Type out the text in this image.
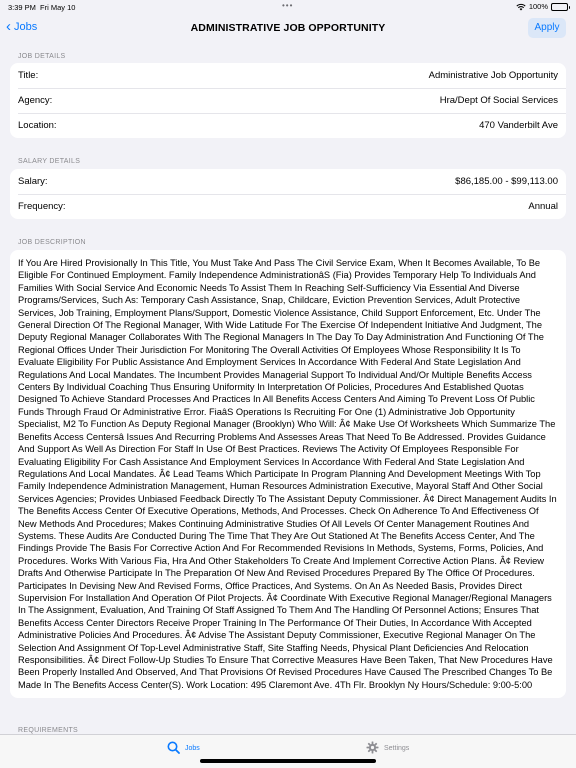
3:39 PM Fri May 10	•••	100%
‹ Jobs	ADMINISTRATIVE JOB OPPORTUNITY	Apply
JOB DETAILS
Title:	Administrative Job Opportunity
Agency:	Hra/Dept Of Social Services
Location:	470 Vanderbilt Ave
SALARY DETAILS
Salary:	$86,185.00 - $99,113.00
Frequency:	Annual
JOB DESCRIPTION
If You Are Hired Provisionally In This Title, You Must Take And Pass The Civil Service Exam, When It Becomes Available, To Be Eligible For Continued Employment. Family Independence AdministrationâS (Fia) Provides Temporary Help To Individuals And Families With Social Service And Economic Needs To Assist Them In Reaching Self-Sufficiency Via Essential And Diverse Programs/Services, Such As: Temporary Cash Assistance, Snap, Childcare, Eviction Prevention Services, Adult Protective Services, Job Training, Employment Plans/Support, Domestic Violence Assistance, Child Support Enforcement, Etc. Under The General Direction Of The Regional Manager, With Wide Latitude For The Exercise Of Independent Initiative And Judgment, The Deputy Regional Manager Collaborates With The Regional Managers In The Day To Day Administration And Functioning Of The Regional Offices Under Their Jurisdiction For Monitoring The Overall Activities Of Employees Whose Responsibility It Is To Evaluate Eligibility For Public Assistance And Employment Services In Accordance With Federal And State Legislation And Regulations And Local Mandates. The Incumbent Provides Managerial Support To Individual And/Or Multiple Benefits Access Centers By Individual Coaching Thus Ensuring Uniformity In Interpretation Of Policies, Procedures And Established Quotas Designed To Achieve Standard Processes And Practices In All Benefits Access Centers And Aiming To Prevent Loss Of Public Funds Through Fraud Or Administrative Error. FiaâS Operations Is Recruiting For One (1) Administrative Job Opportunity Specialist, M2 To Function As Deputy Regional Manager (Brooklyn) Who Will: Â¢ Make Use Of Worksheets Which Summarize The Benefits Access Centersâ Issues And Recurring Problems And Assesses Areas That Need To Be Addressed. Provides Guidance And Support As Well As Direction For Staff In Use Of Best Practices. Reviews The Activity Of Employees Responsible For Evaluating Eligibility For Cash Assistance And Employment Services In Accordance With Federal And State Legislation And Regulations And Local Mandates. Â¢ Lead Teams Which Participate In Program Planning And Development Meetings With Top Family Independence Administration Management, Human Resources Administration Executive, Mayoral Staff And Other Social Services Agencies; Provides Unbiased Feedback Directly To The Assistant Deputy Commissioner. Â¢ Direct Management Audits In The Benefits Access Center Of Executive Operations, Methods, And Processes. Check On Adherence To And Effectiveness Of New Methods And Procedures; Makes Continuing Administrative Studies Of All Levels Of Center Management Routines And Systems. These Audits Are Conducted During The Time That They Are Out Stationed At The Benefits Access Center, And The Findings Provide The Basis For Corrective Action And For Recommended Revisions In Methods, Systems, Forms, Policies, And Procedures. Works With Various Fia, Hra And Other Stakeholders To Create And Implement Corrective Action Plans. Â¢ Review Drafts And Otherwise Participate In The Preparation Of New And Revised Procedures Prepared By The Office Of Procedures. Participates In Devising New And Revised Forms, Office Practices, And Systems. On An As Needed Basis, Provides Direct Supervision For Installation And Operation Of Pilot Projects. Â¢ Coordinate With Executive Regional Manager/Regional Managers In The Assignment, Evaluation, And Training Of Staff Assigned To Them And The Handling Of Personnel Actions; Ensures That Benefits Access Center Directors Receive Proper Training In The Performance Of Their Duties, In Accordance With Accepted Administrative Policies And Procedures. Â¢ Advise The Assistant Deputy Commissioner, Executive Regional Manager On The Selection And Assignment Of Top-Level Administrative Staff, Site Staffing Needs, Physical Plant Deficiencies And Relocation Responsibilities. Â¢ Direct Follow-Up Studies To Ensure That Corrective Measures Have Been Taken, That New Procedures Have Been Properly Installed And Observed, And That Provisions Of Revised Procedures Have Caused The Prescribed Changes To Be Made In The Benefits Access Center(S). Work Location: 495 Claremont Ave. 4Th Flr. Brooklyn Ny Hours/Schedule: 9:00-5:00
REQUIREMENTS
Jobs	Settings
